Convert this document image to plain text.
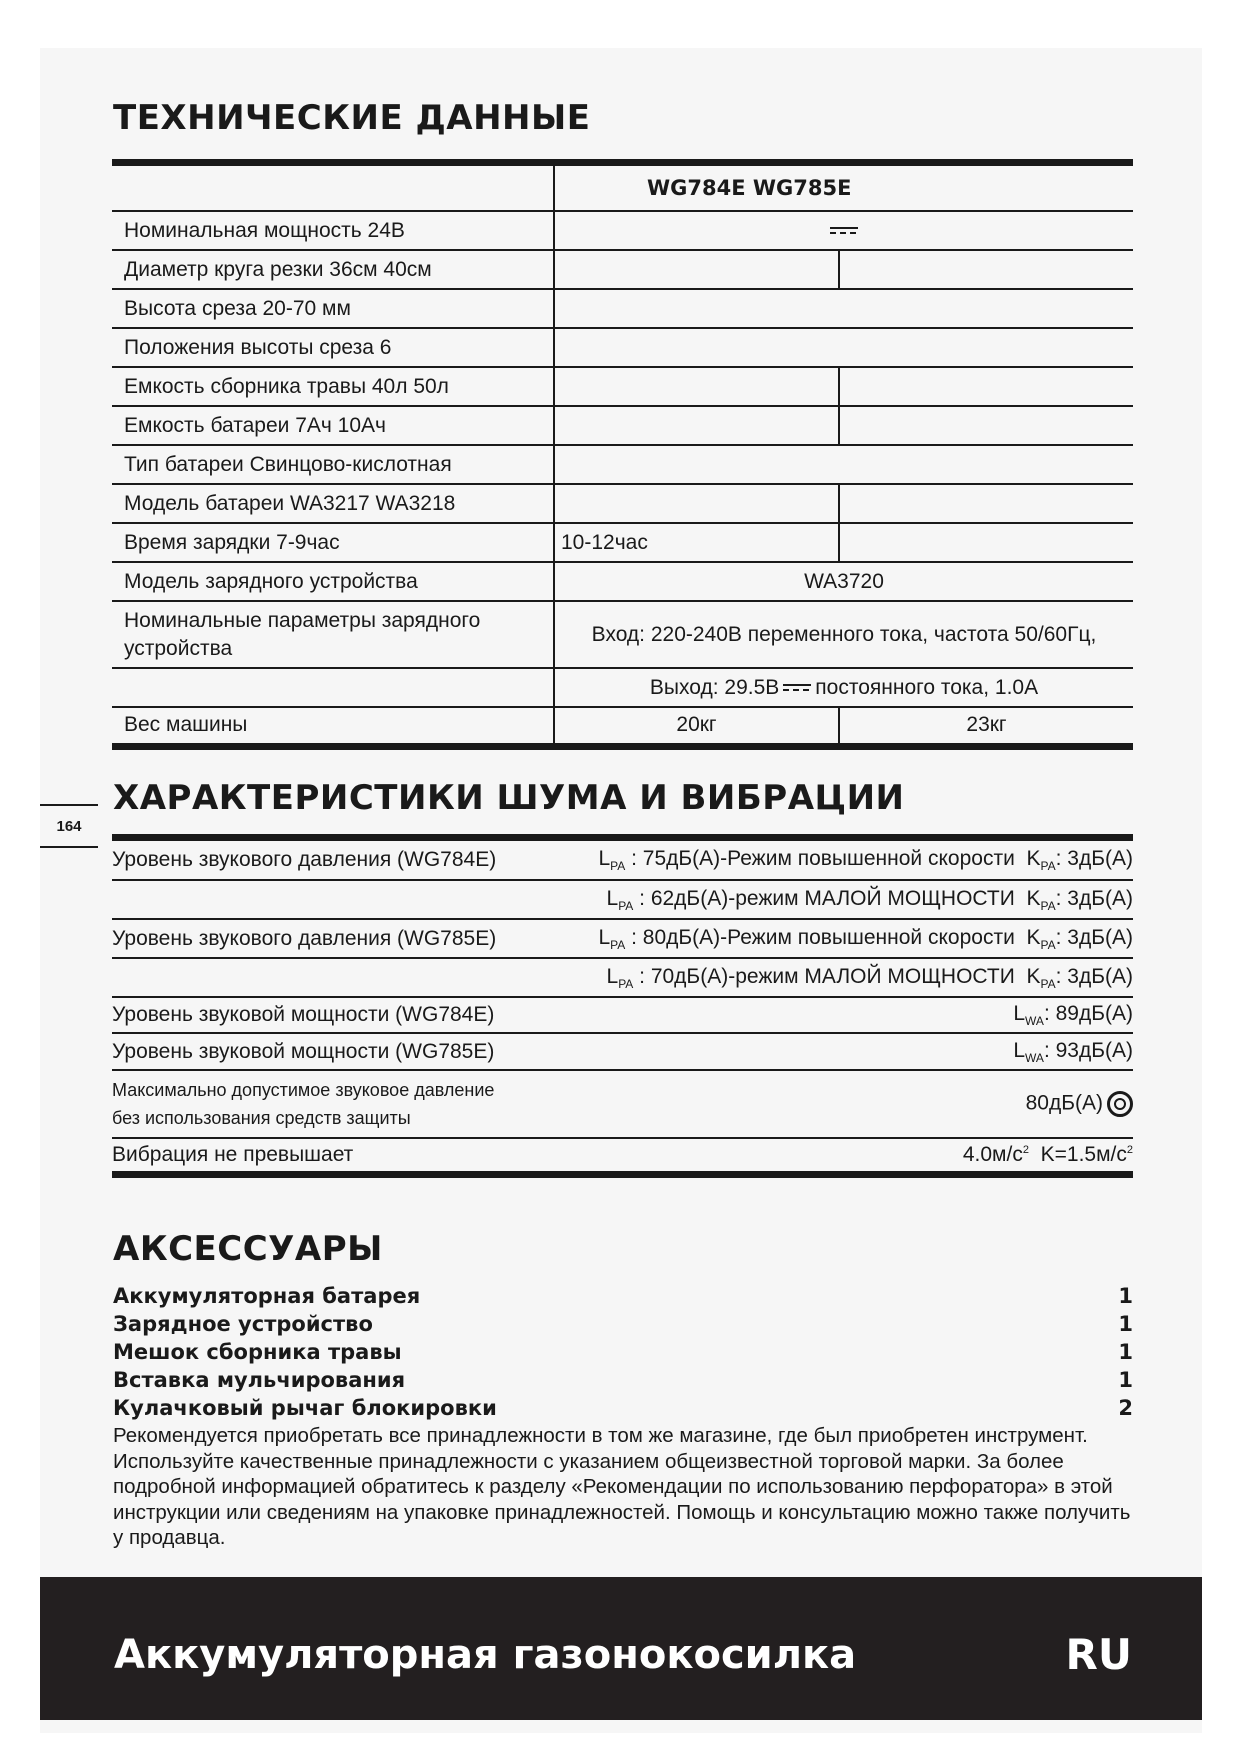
ТЕХНИЧЕСКИЕ ДАННЫЕ
	WG784E WG785E	
Номинальная мощность 24В		
Диаметр круга резки 36см 40см		
Высота среза 20-70 мм		
Положения высоты среза 6		
Емкость сборника травы 40л 50л		
Емкость батареи 7Ач 10Ач		
Тип батареи Свинцово-кислотная		
Модель батареи WA3217 WA3218		
Время зарядки 7-9час	10-12час	
Модель зарядного устройства	WA3720	
Номинальные параметры зарядного устройства	Вход: 220-240В переменного тока, частота 50/60Гц,	
	Выход: 29.5В постоянного тока, 1.0А	
Вес машины	20кг	23кг
164
ХАРАКТЕРИСТИКИ ШУМА И ВИБРАЦИИ
Уровень звукового давления (WG784E)	$L_{PA}$ : 75дБ(A)-Режим повышенной скорости $K_{PA}$: 3дБ(A)
	$L_{PA}$ : 62дБ(A)-режим МАЛОЙ МОЩНОСТИ $K_{PA}$: 3дБ(A)
Уровень звукового давления (WG785E)	$L_{PA}$ : 80дБ(A)-Режим повышенной скорости $K_{PA}$: 3дБ(A)
	$L_{PA}$ : 70дБ(A)-режим МАЛОЙ МОЩНОСТИ $K_{PA}$: 3дБ(A)
Уровень звуковой мощности (WG784E)	$L_{WA}$: 89дБ(A)
Уровень звуковой мощности (WG785E)	$L_{WA}$: 93дБ(A)
Максимально допустимое звуковое давление
без использования средств защиты	80дБ(A)
Вибрация не превышает	$4.0м/c^2$ $K=1.5м/c^2$
АКСЕССУАРЫ
Аккумуляторная батарея	1
Зарядное устройство	1
Мешок сборника травы	1
Вставка мульчирования	1
Кулачковый рычаг блокировки	2
Рекомендуется приобретать все принадлежности в том же магазине, где был приобретен инструмент. Используйте качественные принадлежности с указанием общеизвестной торговой марки. За более подробной информацией обратитесь к разделу «Рекомендации по использованию перфоратора» в этой инструкции или сведениям на упаковке принадлежностей. Помощь и консультацию можно также получить у продавца.
Аккумуляторная газонокосилка	RU
